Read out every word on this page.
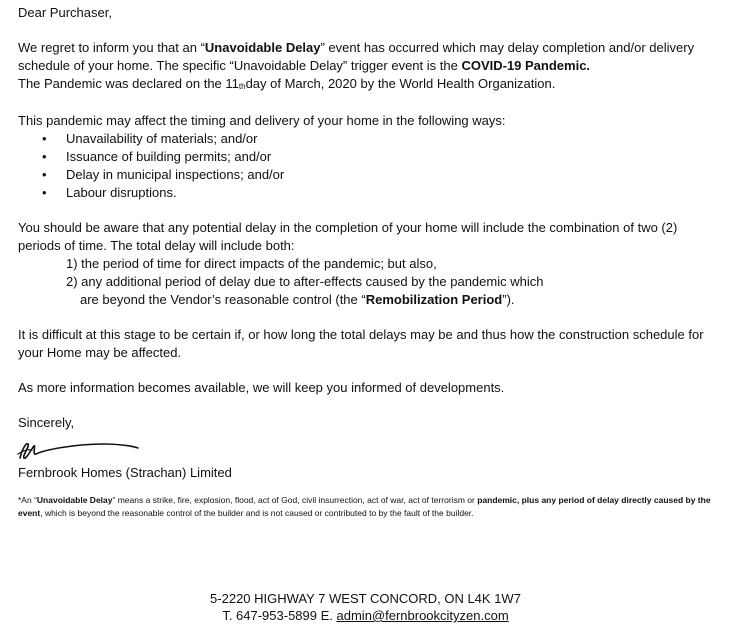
Dear Purchaser,

We regret to inform you that an “Unavoidable Delay” event has occurred which may delay completion and/or delivery schedule of your home. The specific “Unavoidable Delay” trigger event is the COVID-19 Pandemic.
The Pandemic was declared on the 11thday of March, 2020 by the World Health Organization.

This pandemic may affect the timing and delivery of your home in the following ways:

• Unavailability of materials; and/or
• Issuance of building permits; and/or
• Delay in municipal inspections; and/or
• Labour disruptions.

You should be aware that any potential delay in the completion of your home will include the combination of two (2) periods of time. The total delay will include both:

1) the period of time for direct impacts of the pandemic; but also,

2) any additional period of delay due to after-effects caused by the pandemic which

are beyond the Vendor’s reasonable control (the “Remobilization Period”).

It is difficult at this stage to be certain if, or how long the total delays may be and thus how the construction schedule for your Home may be affected.

As more information becomes available, we will keep you informed of developments.

Sincerely,

Fernbrook Homes (Strachan) Limited

*An “Unavoidable Delay” means a strike, fire, explosion, flood, act of God, civil insurrection, act of war, act of terrorism or pandemic, plus any period of delay directly caused by the event, which is beyond the reasonable control of the builder and is not caused or contributed to by the fault of the builder.

5-2220 HIGHWAY 7 WEST CONCORD, ON L4K 1W7

T. 647-953-5899 E. admin@fernbrookcityzen.com
